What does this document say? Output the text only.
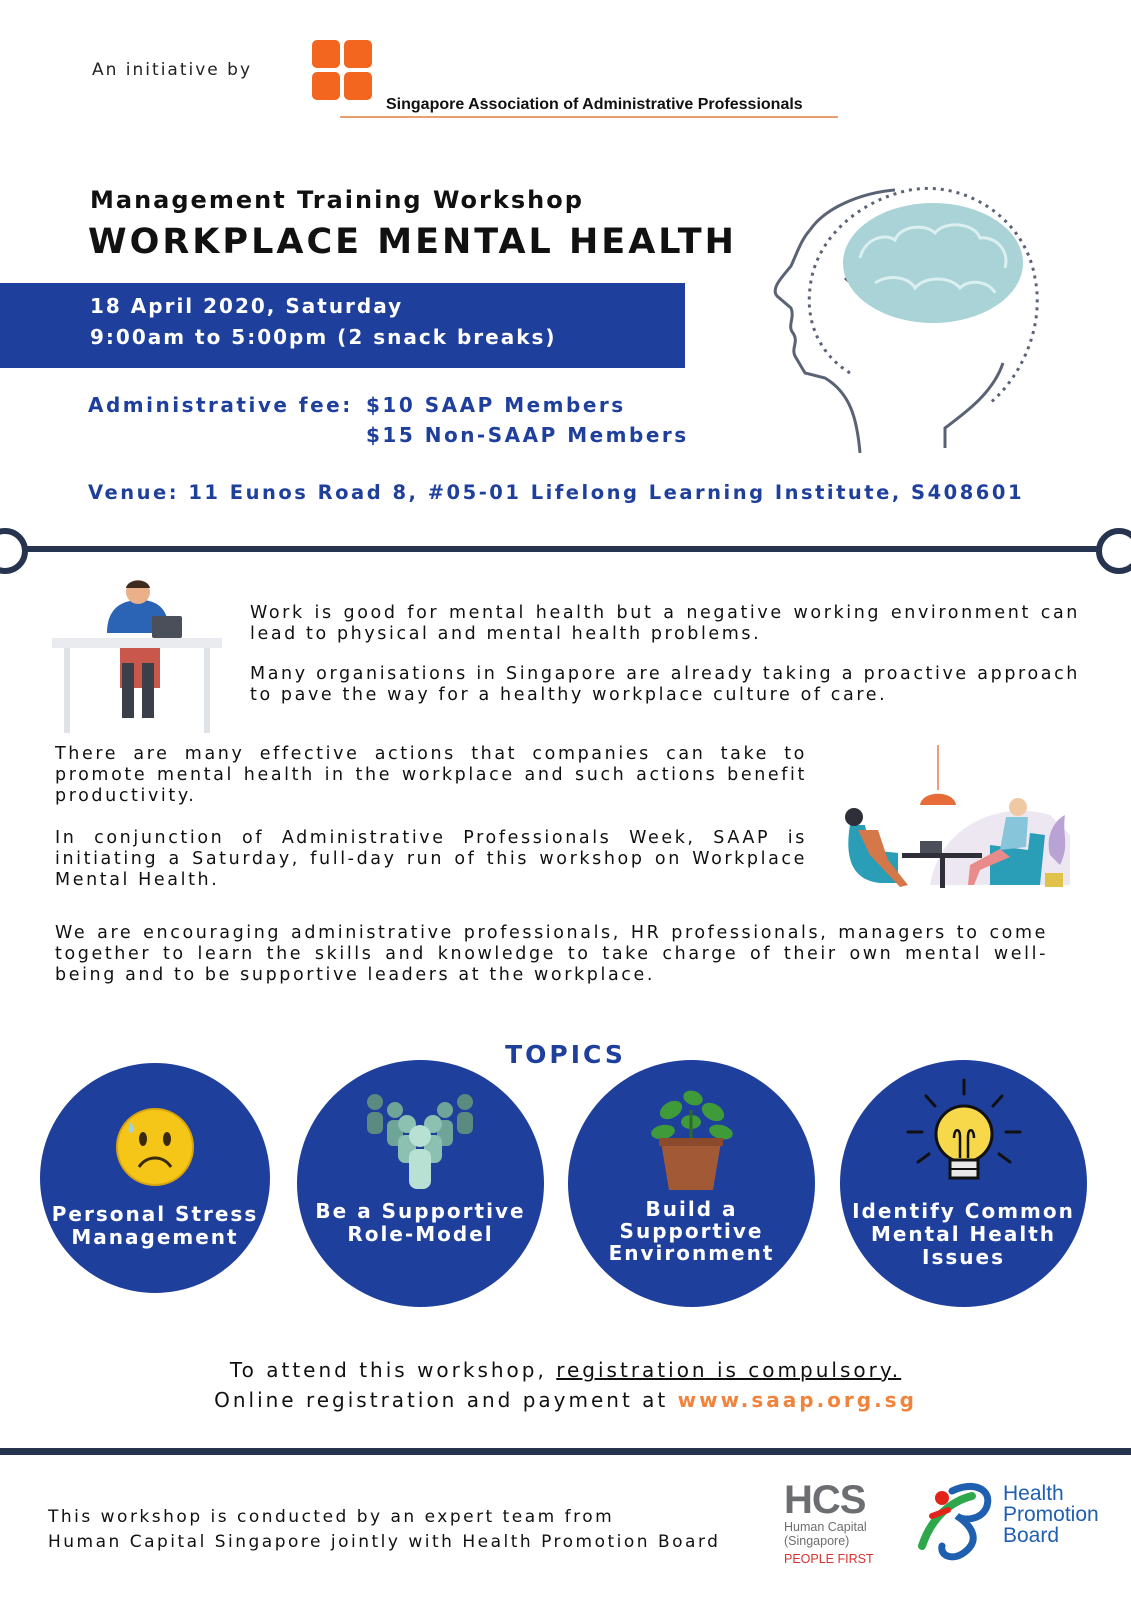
An initiative by
Singapore Association of Administrative Professionals
Management Training Workshop
WORKPLACE MENTAL HEALTH
18 April 2020, Saturday
9:00am to 5:00pm (2 snack breaks)
Administrative fee: $10 SAAP Members
$15 Non-SAAP Members
Venue: 11 Eunos Road 8, #05-01 Lifelong Learning Institute, S408601
Work is good for mental health but a negative working environment can lead to physical and mental health problems.
Many organisations in Singapore are already taking a proactive approach to pave the way for a healthy workplace culture of care.
There are many effective actions that companies can take to promote mental health in the workplace and such actions benefit productivity.
In conjunction of Administrative Professionals Week, SAAP is initiating a Saturday, full-day run of this workshop on Workplace Mental Health.
We are encouraging administrative professionals, HR professionals, managers to come together to learn the skills and knowledge to take charge of their own mental well-being and to be supportive leaders at the workplace.
TOPICS
Personal Stress
Management
Be a Supportive
Role-Model
Build a
Supportive
Environment
Identify Common
Mental Health
Issues
To attend this workshop, registration is compulsory.
Online registration and payment at www.saap.org.sg
This workshop is conducted by an expert team from
Human Capital Singapore jointly with Health Promotion Board
HCS
Human Capital
(Singapore)
PEOPLE FIRST
Health
Promotion
Board
